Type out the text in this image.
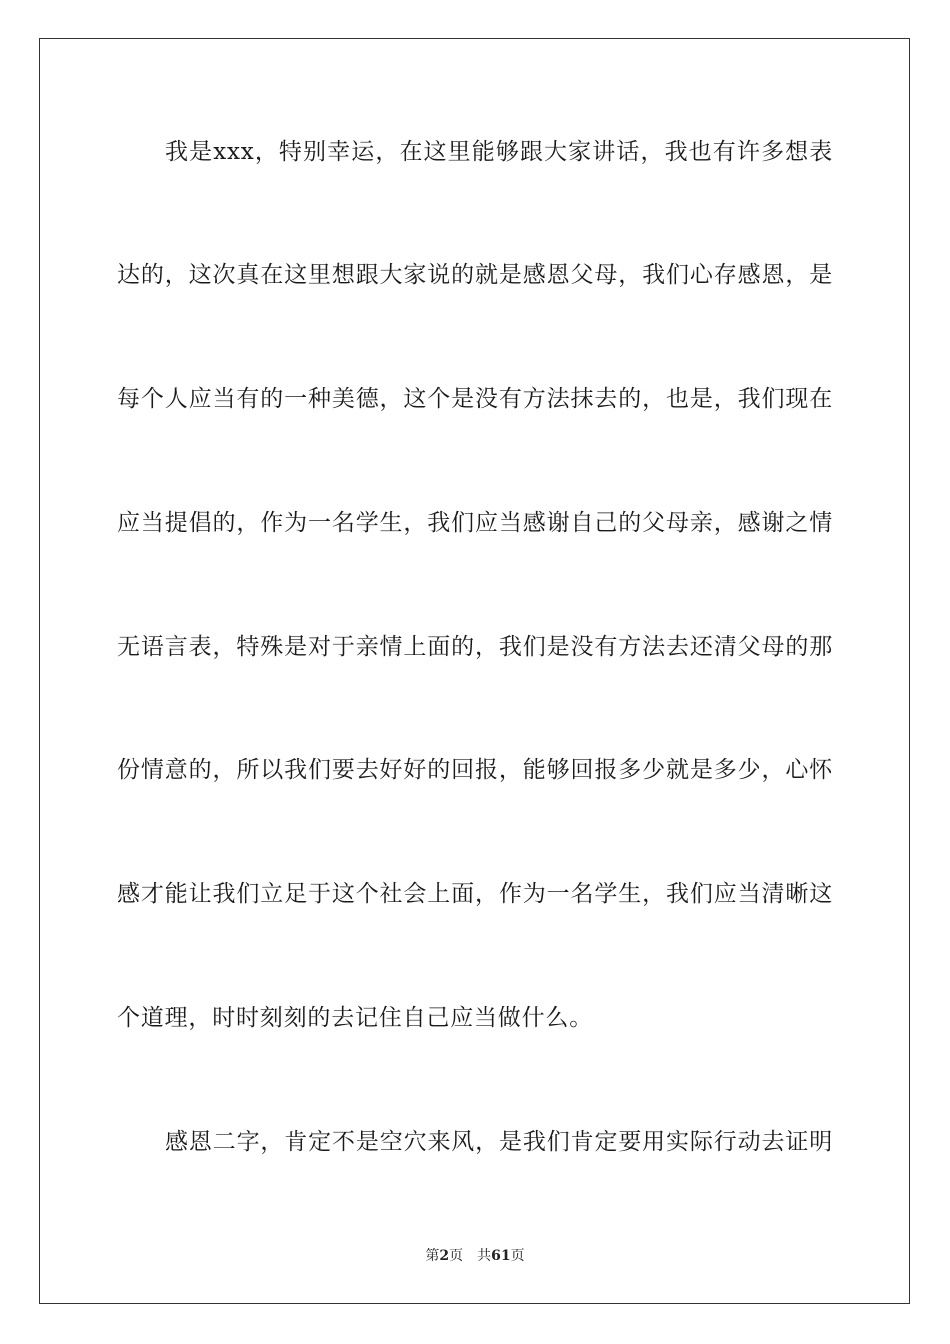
我是xxx，特别幸运，在这里能够跟大家讲话，我也有许多想表
达的，这次真在这里想跟大家说的就是感恩父母，我们心存感恩，是
每个人应当有的一种美德，这个是没有方法抹去的，也是，我们现在
应当提倡的，作为一名学生，我们应当感谢自己的父母亲，感谢之情
无语言表，特殊是对于亲情上面的，我们是没有方法去还清父母的那
份情意的，所以我们要去好好的回报，能够回报多少就是多少，心怀
感才能让我们立足于这个社会上面，作为一名学生，我们应当清晰这
个道理，时时刻刻的去记住自己应当做什么。
感恩二字，肯定不是空穴来风，是我们肯定要用实际行动去证明
第2页 共61页
